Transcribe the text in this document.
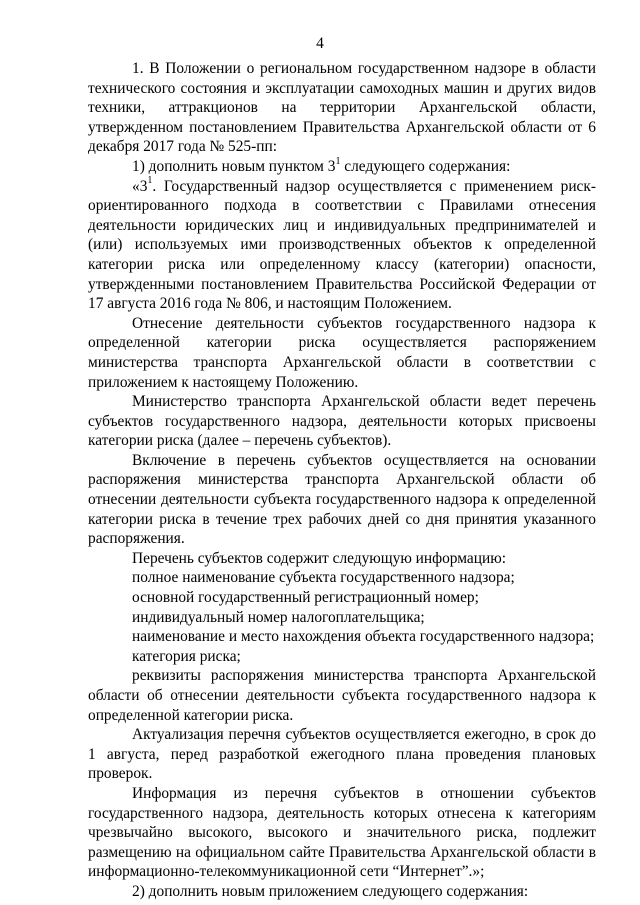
4

1. В Положении о региональном государственном надзоре в области технического состояния и эксплуатации самоходных машин и других видов техники, аттракционов на территории Архангельской области, утвержденном постановлением Правительства Архангельской области от 6 декабря 2017 года № 525-пп:

1) дополнить новым пунктом $3^1$ следующего содержания:

«$3^1$. Государственный надзор осуществляется с применением риск-ориентированного подхода в соответствии с Правилами отнесения деятельности юридических лиц и индивидуальных предпринимателей и (или) используемых ими производственных объектов к определенной категории риска или определенному классу (категории) опасности, утвержденными постановлением Правительства Российской Федерации от 17 августа 2016 года № 806, и настоящим Положением.

Отнесение деятельности субъектов государственного надзора к определенной категории риска осуществляется распоряжением министерства транспорта Архангельской области в соответствии с приложением к настоящему Положению.

Министерство транспорта Архангельской области ведет перечень субъектов государственного надзора, деятельности которых присвоены категории риска (далее – перечень субъектов).

Включение в перечень субъектов осуществляется на основании распоряжения министерства транспорта Архангельской области об отнесении деятельности субъекта государственного надзора к определенной категории риска в течение трех рабочих дней со дня принятия указанного распоряжения.

Перечень субъектов содержит следующую информацию:

полное наименование субъекта государственного надзора;

основной государственный регистрационный номер;

индивидуальный номер налогоплательщика;

наименование и место нахождения объекта государственного надзора;

категория риска;

реквизиты распоряжения министерства транспорта Архангельской области об отнесении деятельности субъекта государственного надзора к определенной категории риска.

Актуализация перечня субъектов осуществляется ежегодно, в срок до 1 августа, перед разработкой ежегодного плана проведения плановых проверок.

Информация из перечня субъектов в отношении субъектов государственного надзора, деятельность которых отнесена к категориям чрезвычайно высокого, высокого и значительного риска, подлежит размещению на официальном сайте Правительства Архангельской области в информационно-телекоммуникационной сети “Интернет”.»;

2) дополнить новым приложением следующего содержания:
